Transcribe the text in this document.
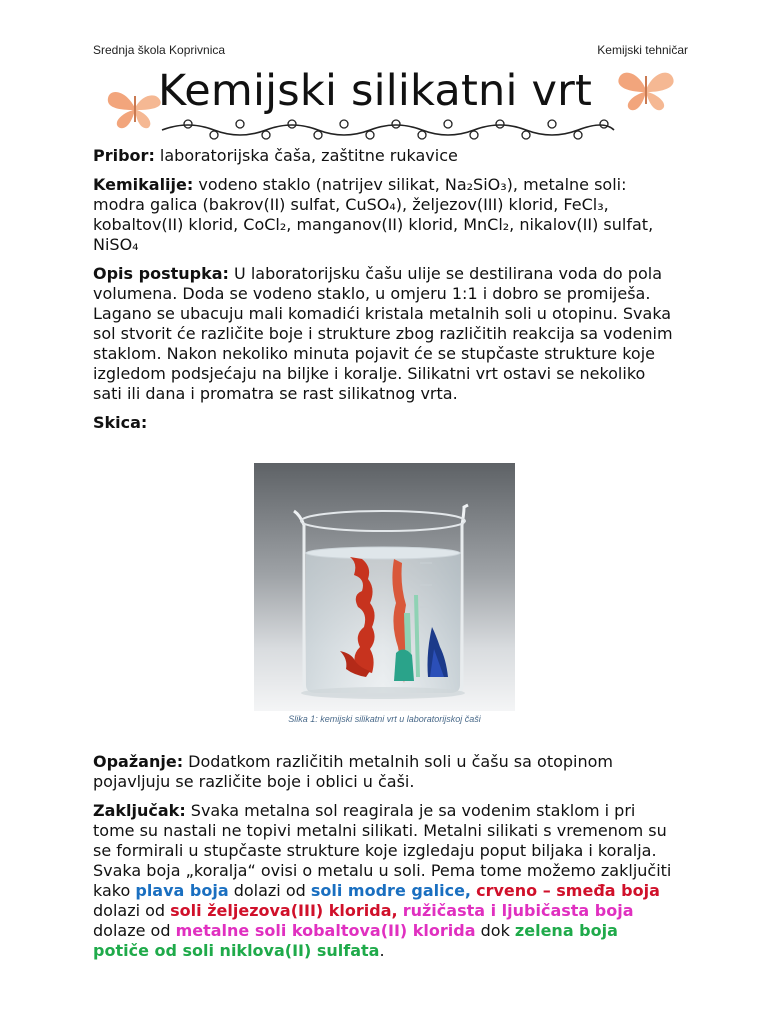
Srednja škola Koprivnica	Kemijski tehničar
Kemijski silikatni vrt

Pribor: laboratorijska čaša, zaštitne rukavice

Kemikalije: vodeno staklo (natrijev silikat, Na₂SiO₃), metalne soli: modra galica (bakrov(II) sulfat, CuSO₄), željezov(III) klorid, FeCl₃, kobaltov(II) klorid, CoCl₂, manganov(II) klorid, MnCl₂, nikalov(II) sulfat, NiSO₄

Opis postupka: U laboratorijsku čašu ulije se destilirana voda do pola volumena. Doda se vodeno staklo, u omjeru 1:1 i dobro se promiješa. Lagano se ubacuju mali komadići kristala metalnih soli u otopinu. Svaka sol stvorit će različite boje i strukture zbog različitih reakcija sa vodenim staklom. Nakon nekoliko minuta pojavit će se stupčaste strukture koje izgledom podsjećaju na biljke i koralje. Silikatni vrt ostavi se nekoliko sati ili dana i promatra se rast silikatnog vrta.

Skica:

Slika 1: kemijski silikatni vrt u laboratorijskoj čaši

Opažanje: Dodatkom različitih metalnih soli u čašu sa otopinom pojavljuju se različite boje i oblici u čaši.

Zaključak: Svaka metalna sol reagirala je sa vodenim staklom i pri tome su nastali ne topivi metalni silikati. Metalni silikati s vremenom su se formirali u stupčaste strukture koje izgledaju poput biljaka i koralja. Svaka boja „koralja“ ovisi o metalu u soli. Pema tome možemo zaključiti kako plava boja dolazi od soli modre galice, crveno – smeđa boja dolazi od soli željezova(III) klorida, ružičasta i ljubičasta boja dolaze od metalne soli kobaltova(II) klorida dok zelena boja potiče od soli niklova(II) sulfata.
